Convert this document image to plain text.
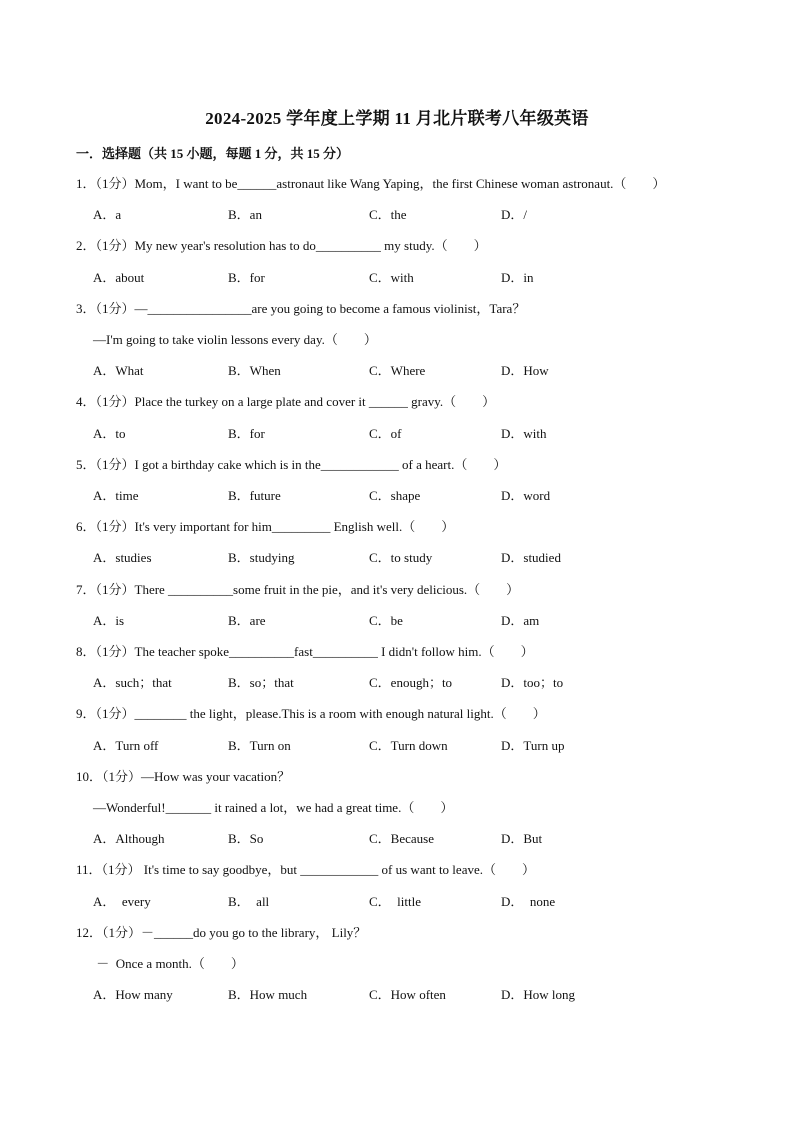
2024-2025 学年度上学期 11 月北片联考八年级英语
一．选择题（共 15 小题，每题 1 分，共 15 分）
1．（1分）Mom，I want to be______astronaut like Wang Yaping，the first Chinese woman astronaut.（　　）
A．a	B．an	C．the	D．/
2．（1分）My new year's resolution has to do__________ my study.（　　）
A．about	B．for	C．with	D．in
3．（1分）—________________are you going to become a famous violinist，Tara？
—I'm going to take violin lessons every day.（　　）
A．What	B．When	C．Where	D．How
4．（1分）Place the turkey on a large plate and cover it ______ gravy.（　　）
A．to	B．for	C．of	D．with
5．（1分）I got a birthday cake which is in the____________ of a heart.（　　）
A．time	B．future	C．shape	D．word
6．（1分）It's very important for him_________ English well.（　　）
A．studies	B．studying	C．to study	D．studied
7．（1分）There __________some fruit in the pie，and it's very delicious.（　　）
A．is	B．are	C．be	D．am
8．（1分）The teacher spoke__________fast__________ I didn't follow him.（　　）
A．such；that	B．so；that	C．enough；to	D．too；to
9．（1分）________ the light，please.This is a room with enough natural light.（　　）
A．Turn off	B．Turn on	C．Turn down	D．Turn up
10．（1分）—How was your vacation？
—Wonderful!_______ it rained a lot，we had a great time.（　　）
A．Although	B．So	C．Because	D．But
11．（1分） It's time to say goodbye，but ____________ of us want to leave.（　　）
A．  every	B．  all	C．  little	D．  none
12．（1分）－______do you go to the library， Lily？
－  Once a month.（　　）
A．How many	B．How much	C．How often	D．How long
